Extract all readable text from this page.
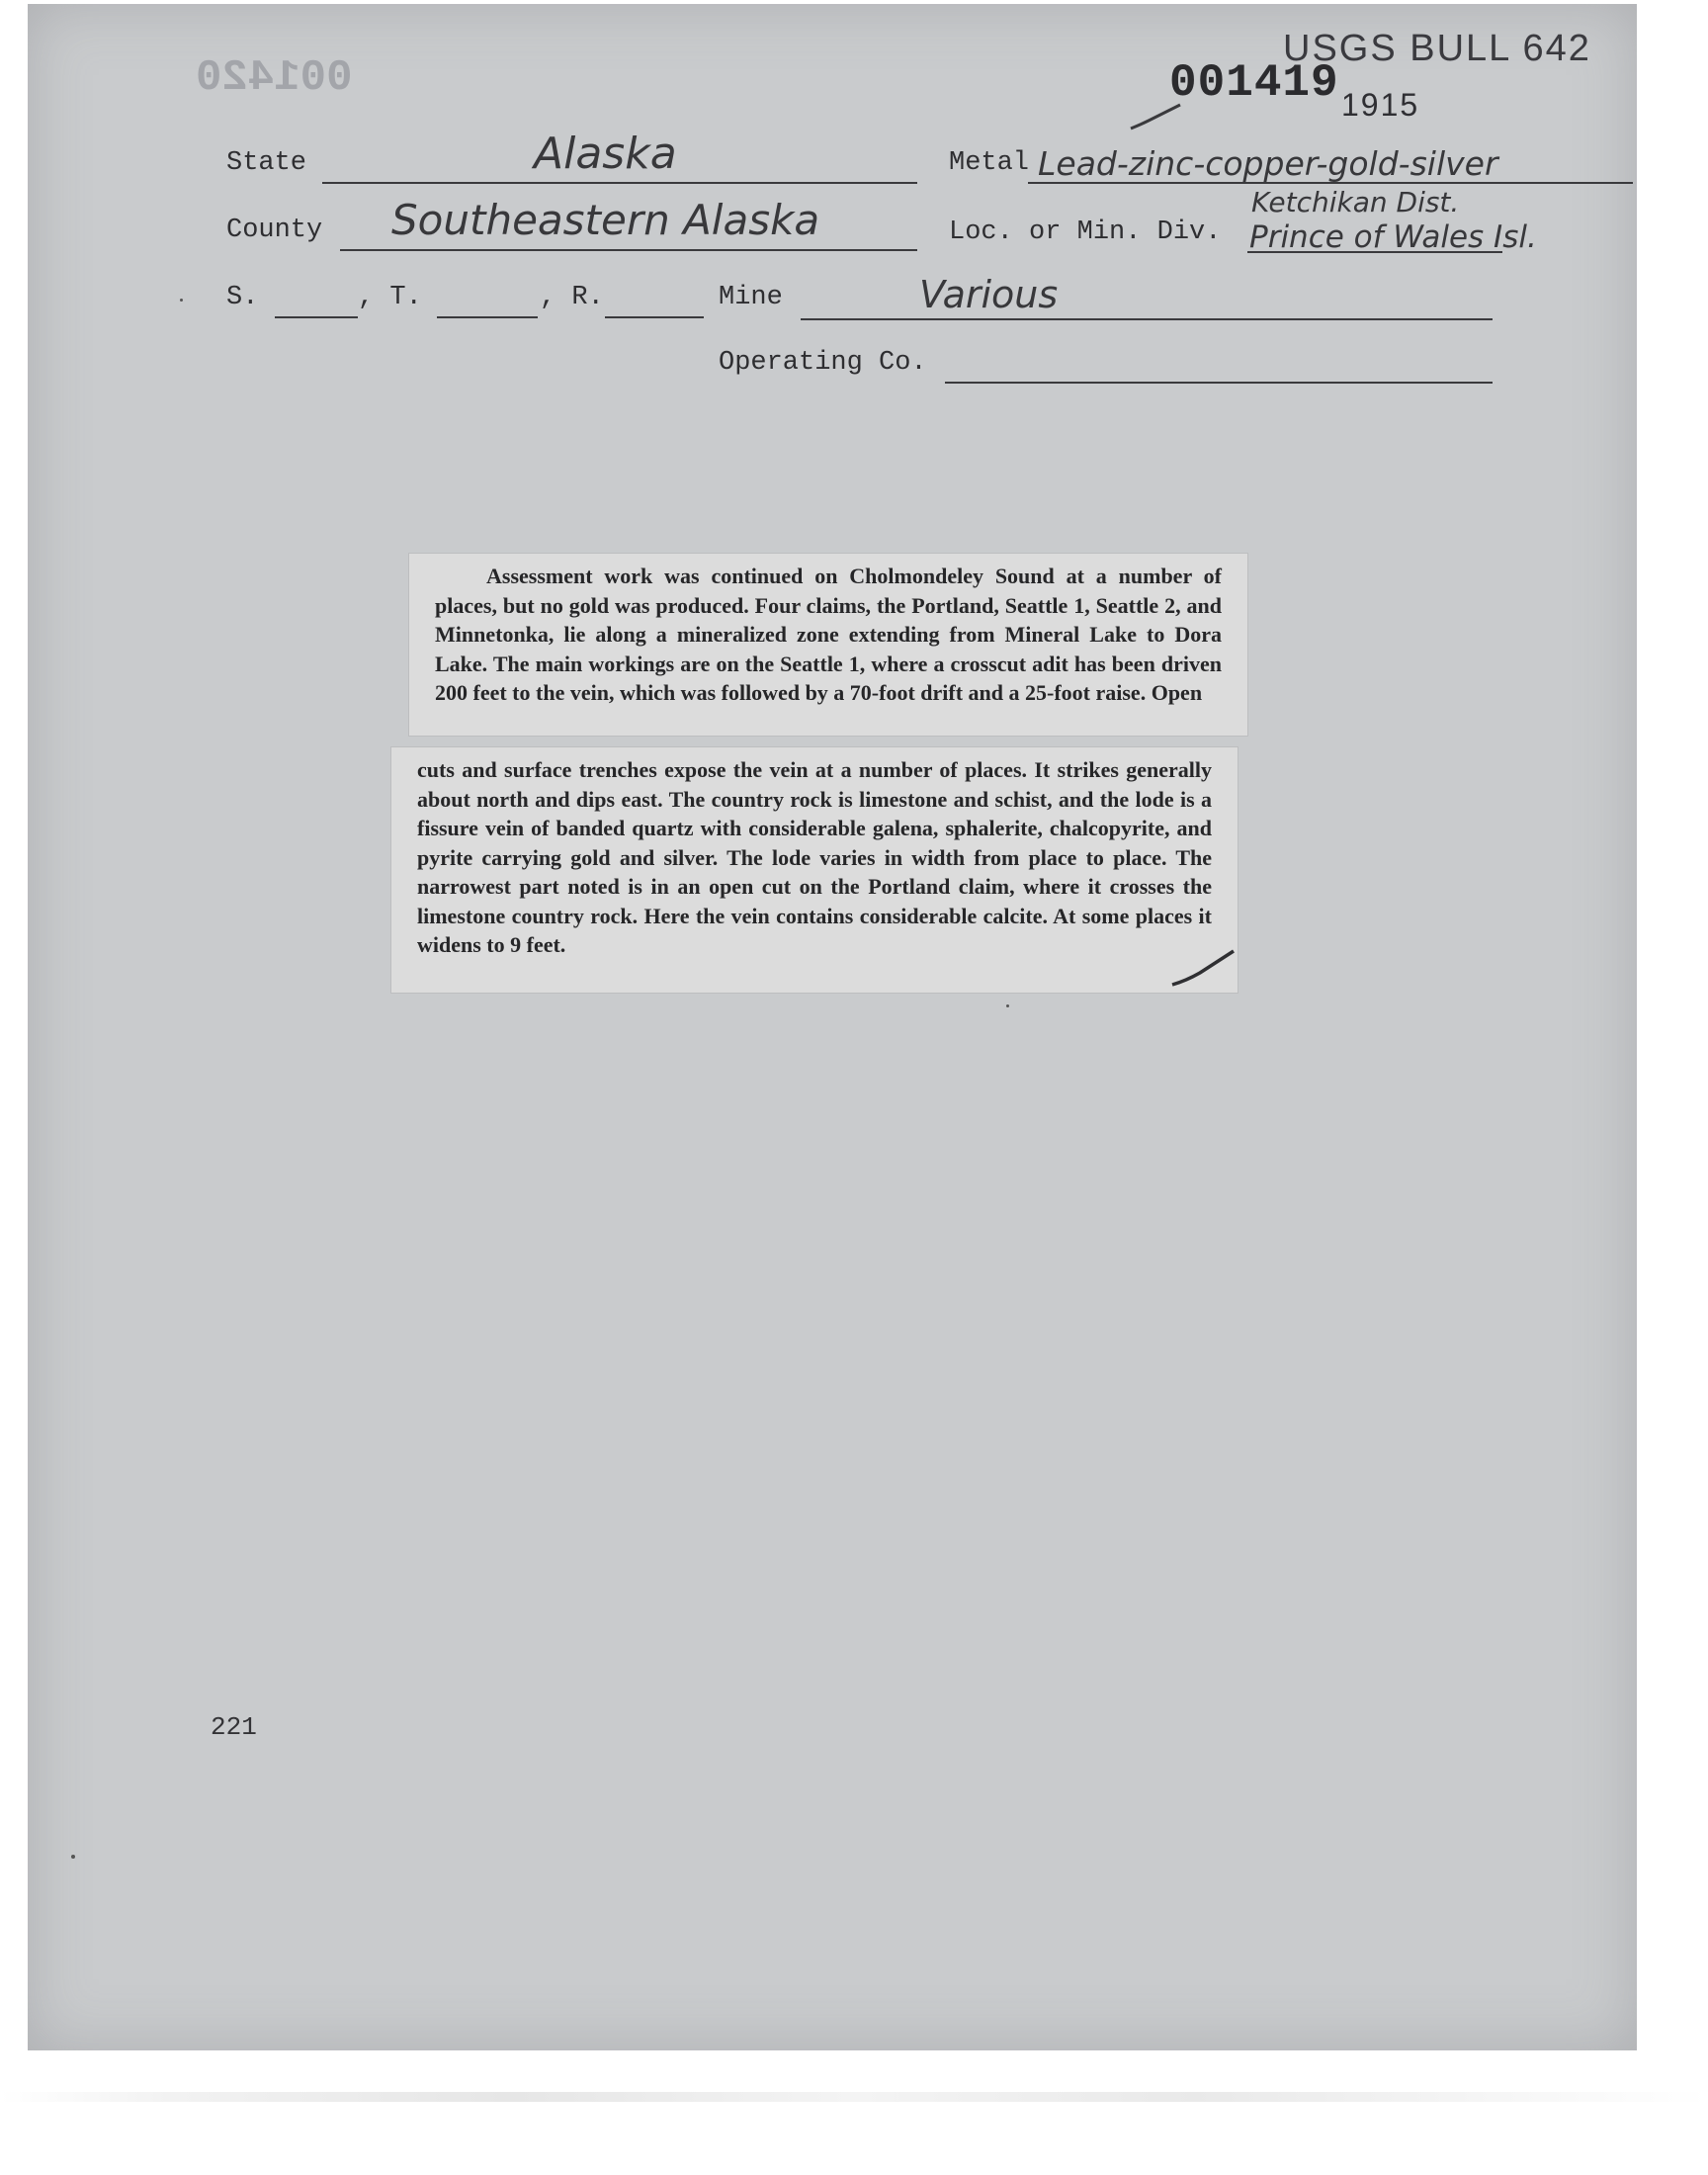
USGS BULL 642
001420	001419 1915
State	Alaska	Metal Lead-zinc-copper-gold-silver
County Southeastern Alaska	Loc. or Min. Div.
Ketchikan Dist.
Prince of Wales Isl.
S.	, T.	, R.	Mine	Various
Operating Co.

Assessment work was continued on Cholmondeley Sound at a number of places, but no gold was produced. Four claims, the Portland, Seattle 1, Seattle 2, and Minnetonka, lie along a mineralized zone extending from Mineral Lake to Dora Lake. The main workings are on the Seattle 1, where a crosscut adit has been driven 200 feet to the vein, which was followed by a 70-foot drift and a 25-foot raise. Open

cuts and surface trenches expose the vein at a number of places. It strikes generally about north and dips east. The country rock is limestone and schist, and the lode is a fissure vein of banded quartz with considerable galena, sphalerite, chalcopyrite, and pyrite carrying gold and silver. The lode varies in width from place to place. The narrowest part noted is in an open cut on the Portland claim, where it crosses the limestone country rock. Here the vein contains considerable calcite. At some places it widens to 9 feet.

221
